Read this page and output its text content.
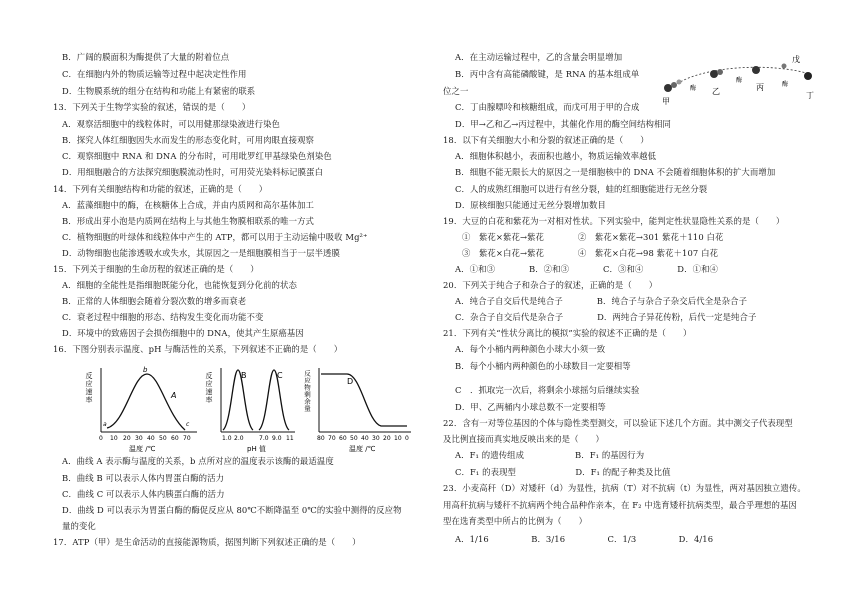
B．广阔的膜面积为酶提供了大量的附着位点
C．在细胞内外的物质运输等过程中起决定性作用
D．生物膜系统的组分在结构和功能上有紧密的联系
13．下列关于生物学实验的叙述，错误的是（　　）
A．观察活细胞中的线粒体时，可以用健那绿染液进行染色
B．探究人体红细胞因失水而发生的形态变化时，可用肉眼直接观察
C．观察细胞中 RNA 和 DNA 的分布时，可用吡罗红甲基绿染色剂染色
D．用细胞融合的方法探究细胞膜流动性时，可用荧光染料标记膜蛋白
14．下列有关细胞结构和功能的叙述，正确的是（　　）
A．蓝藻细胞中的酶，在核糖体上合成，并由内质网和高尔基体加工
B．形成出芽小泡是内质网在结构上与其他生物膜相联系的唯一方式
C．植物细胞的叶绿体和线粒体中产生的 ATP，都可以用于主动运输中吸收 Mg²⁺
D．动物细胞也能渗透吸水或失水，其原因之一是细胞膜相当于一层半透膜
15．下列关于细胞的生命历程的叙述正确的是（　　）
A．细胞的全能性是指细胞既能分化，也能恢复到分化前的状态
B．正常的人体细胞会随着分裂次数的增多而衰老
C．衰老过程中细胞的形态、结构发生变化而功能不变
D．环境中的致癌因子会损伤细胞中的 DNA，使其产生原癌基因
16．下图分别表示温度、pH 与酶活性的关系，下列叙述不正确的是（　　）
反应速率	A
b
a	c
0 10 20 30 40 50 60 70
温度 /℃
反应速率	B	C
1.0 2.0	7.0 9.0 11
pH 值
反应物剩余量	D
80 70 60 50 40 30 20 10 0
温度 /℃
A．曲线 A 表示酶与温度的关系，b 点所对应的温度表示该酶的最适温度
B．曲线 B 可以表示人体内胃蛋白酶的活力
C．曲线 C 可以表示人体内胰蛋白酶的活力
D．曲线 D 可以表示为胃蛋白酶的酶促反应从 80℃不断降温至 0℃的实验中测得的反应物
量的变化
17．ATP（甲）是生命活动的直接能源物质，据图判断下列叙述正确的是（　　）
A．在主动运输过程中，乙的含量会明显增加
B．丙中含有高能磷酸键，是 RNA 的基本组成单
位之一
C．丁由腺嘌呤和核糖组成，而戊可用于甲的合成
D．甲→乙和乙→丙过程中，其催化作用的酶空间结构相同
18．以下有关细胞大小和分裂的叙述正确的是（　　）
A．细胞体积越小，表面积也越小，物质运输效率越低
B．细胞不能无限长大的原因之一是细胞核中的 DNA 不会随着细胞体积的扩大而增加
C．人的成熟红细胞可以进行有丝分裂，蛙的红细胞能进行无丝分裂
D．原核细胞只能通过无丝分裂增加数目
19．大豆的白花和紫花为一对相对性状。下列实验中，能判定性状显隐性关系的是（　　）
①　紫花×紫花→紫花　　　　②　紫花×紫花→301 紫花＋110 白花
③　紫花×白花→紫花　　　　④　紫花×白花→98 紫花＋107 白花
A．①和③　　　　B．②和③　　　　C．③和④　　　　D．①和④
20．下列关于纯合子和杂合子的叙述，正确的是（　　）
A．纯合子自交后代是纯合子　　　　B．纯合子与杂合子杂交后代全是杂合子
C．杂合子自交后代是杂合子　　　　D．两纯合子异花传粉，后代一定是纯合子
21．下列有关“性状分离比的模拟”实验的叙述不正确的是（　　）
A．每个小桶内两种颜色小球大小须一致
B．每个小桶内两种颜色的小球数目一定要相等
C　．抓取完一次后，将剩余小球摇匀后继续实验
D．甲、乙两桶内小球总数不一定要相等
22．含有一对等位基因的个体与隐性类型测交，可以验证下述几个方面。其中测交子代表现型
及比例直接而真实地反映出来的是（　　）
A．F₁ 的遗传组成　　　　　　B．F₁ 的基因行为
C．F₁ 的表现型　　　　　　　D．F₁ 的配子种类及比值
23．小麦高秆（D）对矮秆（d）为显性，抗病（T）对不抗病（t）为显性，两对基因独立遗传。
用高秆抗病与矮秆不抗病两个纯合品种作亲本，在 F₂ 中选育矮秆抗病类型，最合乎理想的基因
型在选育类型中所占的比例为（　　）
A．1/16　　　　　B．3/16　　　　　C．1/3　　　　　D．4/16
甲
乙	丙
丁
戊
酶
酶
酶
